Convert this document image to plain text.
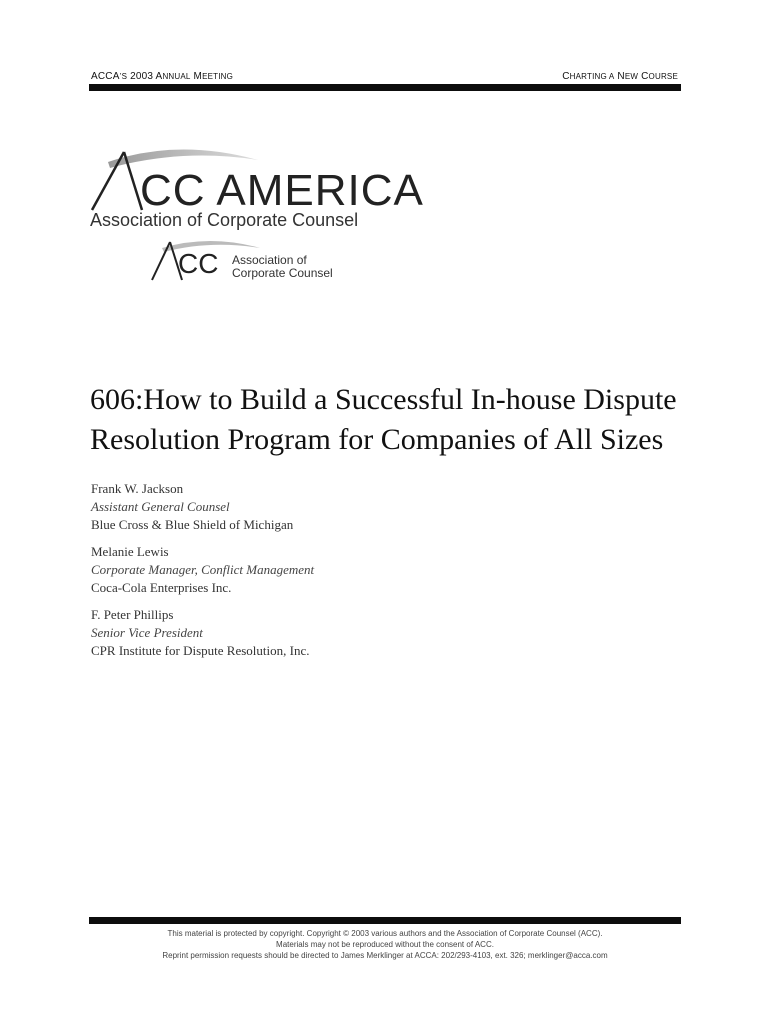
ACCA’S 2003 ANNUAL MEETING	CHARTING A NEW COURSE
CC AMERICA
Association of Corporate Counsel
CC Association of
Corporate Counsel
606:How to Build a Successful In-house Dispute Resolution Program for Companies of All Sizes
Frank W. Jackson
Assistant General Counsel
Blue Cross & Blue Shield of Michigan
Melanie Lewis
Corporate Manager, Conflict Management
Coca-Cola Enterprises Inc.
F. Peter Phillips
Senior Vice President
CPR Institute for Dispute Resolution, Inc.
This material is protected by copyright. Copyright © 2003 various authors and the Association of Corporate Counsel (ACC).
Materials may not be reproduced without the consent of ACC.
Reprint permission requests should be directed to James Merklinger at ACCA: 202/293-4103, ext. 326; merklinger@acca.com
